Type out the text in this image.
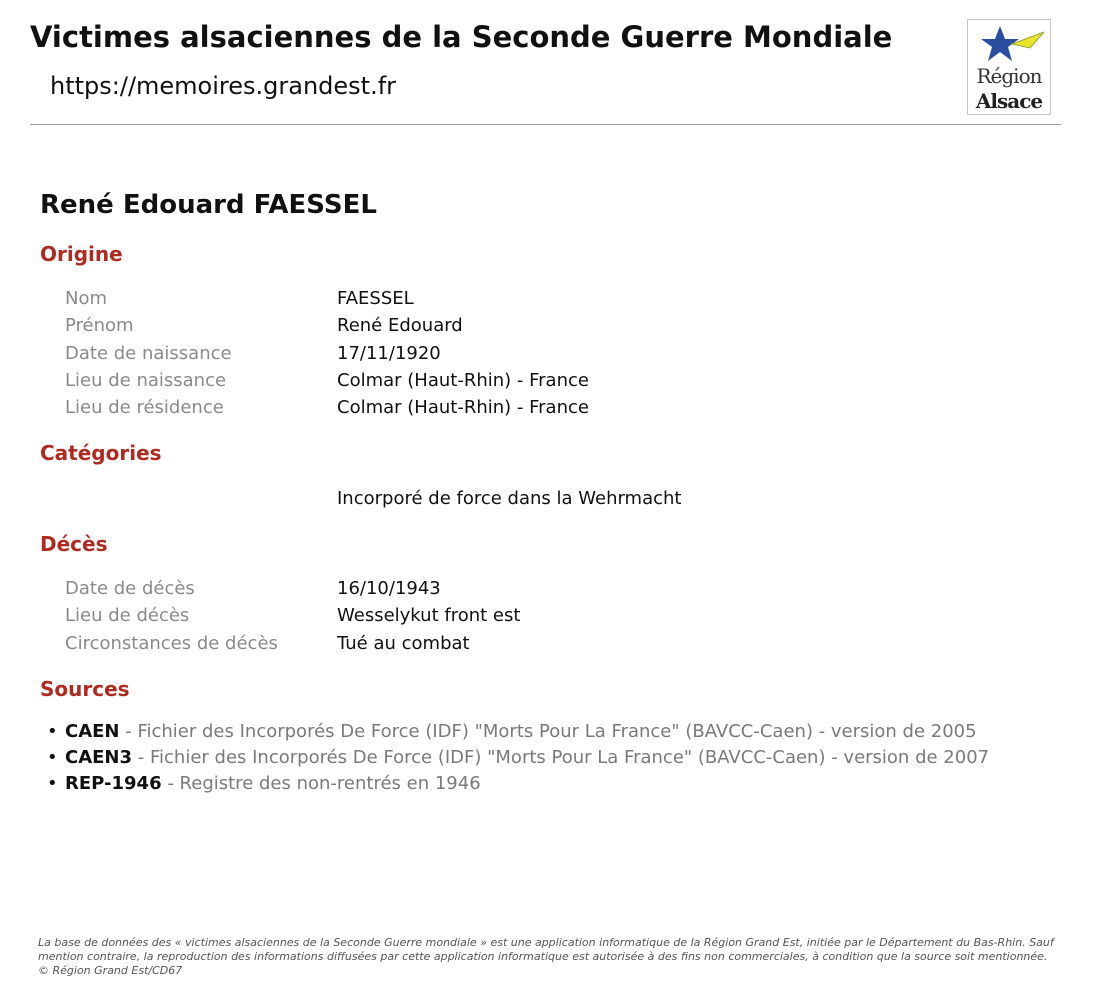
Victimes alsaciennes de la Seconde Guerre Mondiale
https://memoires.grandest.fr	Région
Alsace
René Edouard FAESSEL
Origine
Nom	FAESSEL
Prénom	René Edouard
Date de naissance	17/11/1920
Lieu de naissance	Colmar (Haut-Rhin) - France
Lieu de résidence	Colmar (Haut-Rhin) - France
Catégories
Incorporé de force dans la Wehrmacht
Décès
Date de décès	16/10/1943
Lieu de décès	Wesselykut front est
Circonstances de décès	Tué au combat
Sources
• CAEN - Fichier des Incorporés De Force (IDF) "Morts Pour La France" (BAVCC-Caen) - version de 2005
• CAEN3 - Fichier des Incorporés De Force (IDF) "Morts Pour La France" (BAVCC-Caen) - version de 2007
• REP-1946 - Registre des non-rentrés en 1946
La base de données des « victimes alsaciennes de la Seconde Guerre mondiale » est une application informatique de la Région Grand Est, initiée par le Département du Bas-Rhin. Sauf mention contraire, la reproduction des informations diffusées par cette application informatique est autorisée à des fins non commerciales, à condition que la source soit mentionnée. © Région Grand Est/CD67
